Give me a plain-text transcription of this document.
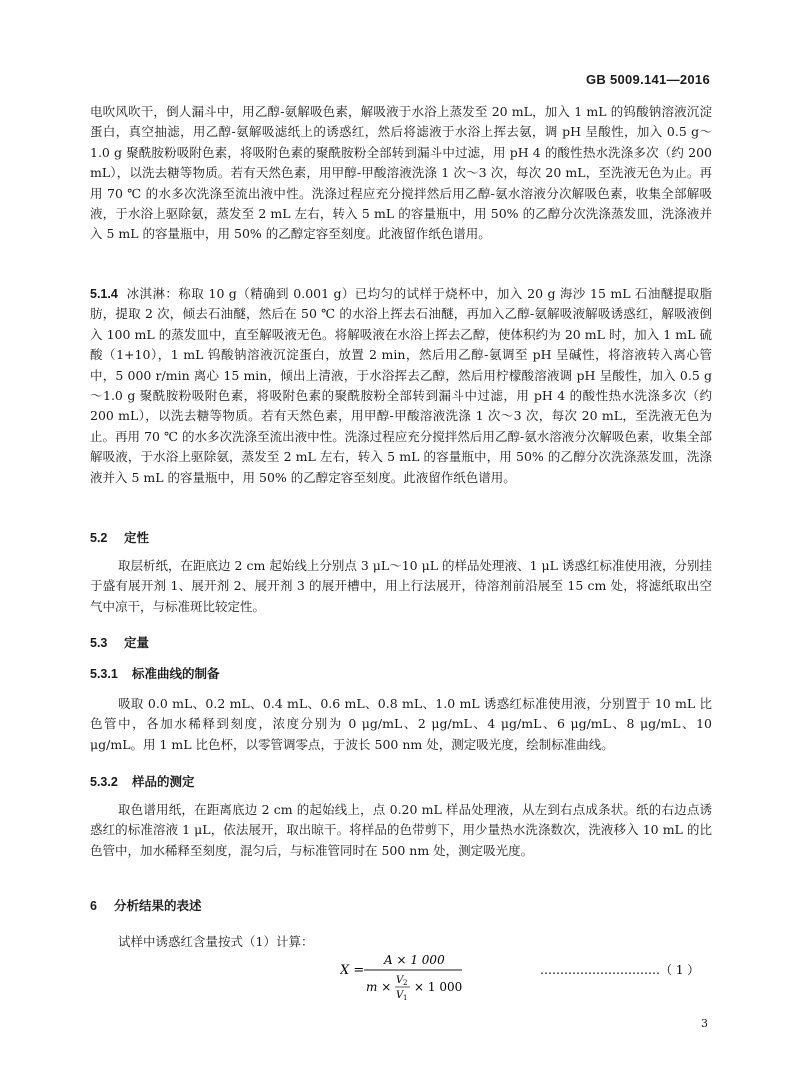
GB 5009.141—2016

电吹风吹干，倒人漏斗中，用乙醇-氨解吸色素，解吸液于水浴上蒸发至 20 mL，加入 1 mL 的钨酸钠溶液沉淀蛋白，真空抽滤，用乙醇-氨解吸滤纸上的诱惑红，然后将滤液于水浴上挥去氨，调 pH 呈酸性，加入 0.5 g～1.0 g 聚酰胺粉吸附色素，将吸附色素的聚酰胺粉全部转到漏斗中过滤，用 pH 4 的酸性热水洗涤多次（约 200 mL），以洗去糖等物质。若有天然色素，用甲醇-甲酸溶液洗涤 1 次～3 次，每次 20 mL，至洗液无色为止。再用 70 ℃ 的水多次洗涤至流出液中性。洗涤过程应充分搅拌然后用乙醇-氨水溶液分次解吸色素，收集全部解吸液，于水浴上驱除氨，蒸发至 2 mL 左右，转入 5 mL 的容量瓶中，用 50% 的乙醇分次洗涤蒸发皿，洗涤液并入 5 mL 的容量瓶中，用 50% 的乙醇定容至刻度。此液留作纸色谱用。

5.1.4 冰淇淋：称取 10 g（精确到 0.001 g）已均匀的试样于烧杯中，加入 20 g 海沙 15 mL 石油醚提取脂肪，提取 2 次，倾去石油醚，然后在 50 ℃ 的水浴上挥去石油醚，再加入乙醇-氨解吸液解吸诱惑红，解吸液倒入 100 mL 的蒸发皿中，直至解吸液无色。将解吸液在水浴上挥去乙醇，使体积约为 20 mL 时，加入 1 mL 硫酸（1+10），1 mL 钨酸钠溶液沉淀蛋白，放置 2 min，然后用乙醇-氨调至 pH 呈碱性，将溶液转入离心管中，5 000 r/min 离心 15 min，倾出上清液，于水浴挥去乙醇，然后用柠檬酸溶液调 pH 呈酸性，加入 0.5 g～1.0 g 聚酰胺粉吸附色素，将吸附色素的聚酰胺粉全部转到漏斗中过滤，用 pH 4 的酸性热水洗涤多次（约 200 mL），以洗去糖等物质。若有天然色素，用甲醇-甲酸溶液洗涤 1 次～3 次，每次 20 mL，至洗液无色为止。再用 70 ℃ 的水多次洗涤至流出液中性。洗涤过程应充分搅拌然后用乙醇-氨水溶液分次解吸色素，收集全部解吸液，于水浴上驱除氨，蒸发至 2 mL 左右，转入 5 mL 的容量瓶中，用 50% 的乙醇分次洗涤蒸发皿，洗涤液并入 5 mL 的容量瓶中，用 50% 的乙醇定容至刻度。此液留作纸色谱用。

5.2 定性

取层析纸，在距底边 2 cm 起始线上分别点 3 μL～10 μL 的样品处理液、1 μL 诱惑红标准使用液，分别挂于盛有展开剂 1、展开剂 2、展开剂 3 的展开槽中，用上行法展开，待溶剂前沿展至 15 cm 处，将滤纸取出空气中凉干，与标准斑比较定性。

5.3 定量
5.3.1 标准曲线的制备

吸取 0.0 mL、0.2 mL、0.4 mL、0.6 mL、0.8 mL、1.0 mL 诱惑红标准使用液，分别置于 10 mL 比色管中，各加水稀释到刻度，浓度分别为 0 μg/mL、2 μg/mL、4 μg/mL、6 μg/mL、8 μg/mL、10 μg/mL。用 1 mL 比色杯，以零管调零点，于波长 500 nm 处，测定吸光度，绘制标准曲线。

5.3.2 样品的测定

取色谱用纸，在距离底边 2 cm 的起始线上，点 0.20 mL 样品处理液，从左到右点成条状。纸的右边点诱惑红的标准溶液 1 μL，依法展开，取出晾干。将样品的色带剪下，用少量热水洗涤数次，洗液移入 10 mL 的比色管中，加水稀释至刻度，混匀后，与标准管同时在 500 nm 处，测定吸光度。

6 分析结果的表述

试样中诱惑红含量按式（1）计算：

X =
A × 1 000
m × V 2
V 1
× 1 000
…………………………（ 1 ）
3
